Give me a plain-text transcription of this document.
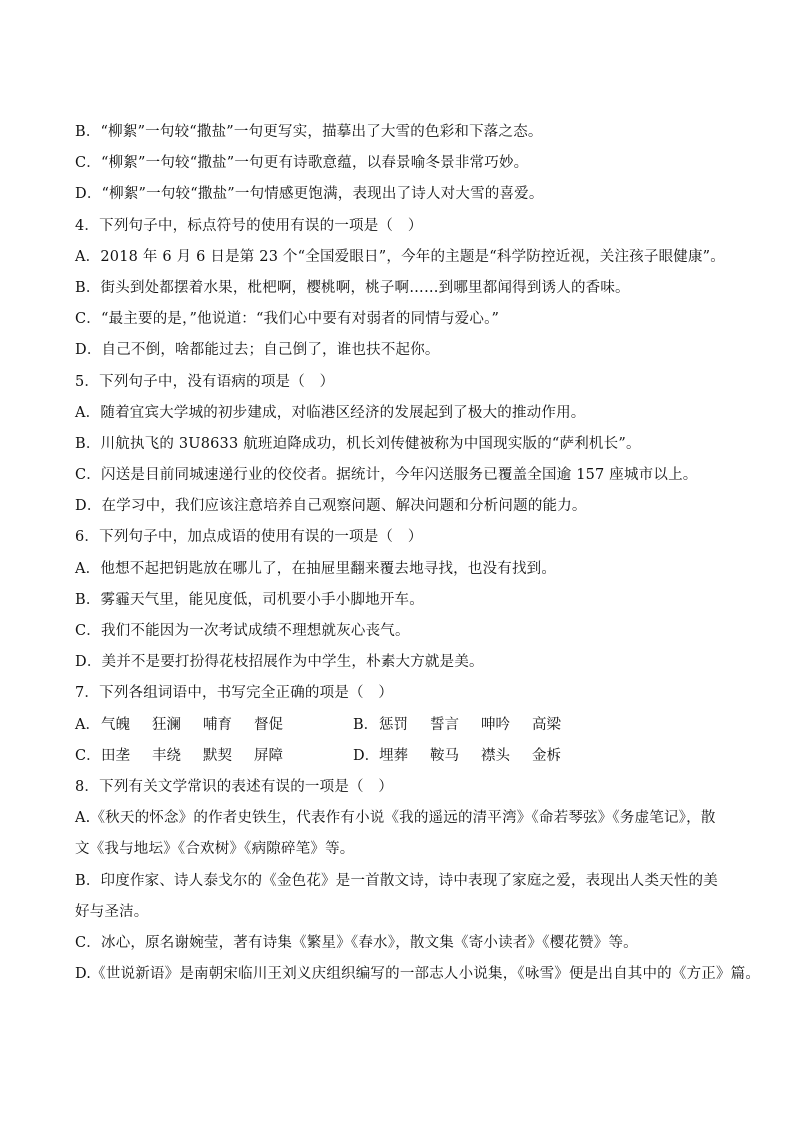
B．“柳絮”一句较“撒盐”一句更写实，描摹出了大雪的色彩和下落之态。
C．“柳絮”一句较“撒盐”一句更有诗歌意蕴，以春景喻冬景非常巧妙。
D．“柳絮”一句较“撒盐”一句情感更饱满，表现出了诗人对大雪的喜爱。
4．下列句子中，标点符号的使用有误的一项是（　）
A．2018 年 6 月 6 日是第 23 个“全国爱眼日”，今年的主题是“科学防控近视，关注孩子眼健康”。
B．街头到处都摆着水果，枇杷啊，樱桃啊，桃子啊……到哪里都闻得到诱人的香味。
C．“最主要的是，”他说道：“我们心中要有对弱者的同情与爱心。”
D．自己不倒，啥都能过去；自己倒了，谁也扶不起你。
5．下列句子中，没有语病的项是（　）
A．随着宜宾大学城的初步建成，对临港区经济的发展起到了极大的推动作用。
B．川航执飞的 3U8633 航班迫降成功，机长刘传健被称为中国现实版的“萨利机长”。
C．闪送是目前同城速递行业的佼佼者。据统计，今年闪送服务已覆盖全国逾 157 座城市以上。
D．在学习中，我们应该注意培养自己观察问题、解决问题和分析问题的能力。
6．下列句子中，加点成语的使用有误的一项是（　）
A．他想不起把钥匙放在哪儿了，在抽屉里翻来覆去地寻找，也没有找到。
B．雾霾天气里，能见度低，司机要小手小脚地开车。
C．我们不能因为一次考试成绩不理想就灰心丧气。
D．美并不是要打扮得花枝招展作为中学生，朴素大方就是美。
7．下列各组词语中，书写完全正确的项是（　）
A． 气魄 狂澜 哺育 督促	B． 惩罚 誓言 呻吟 高梁
C． 田垄 丰绕 默契 屏障	D． 埋葬 鞍马 襟头 金柝
8．下列有关文学常识的表述有误的一项是（　）
A.《秋天的怀念》的作者史铁生，代表作有小说《我的遥远的清平湾》《命若琴弦》《务虚笔记》，散文《我与地坛》《合欢树》《病隙碎笔》等。
B．印度作家、诗人泰戈尔的《金色花》是一首散文诗，诗中表现了家庭之爱，表现出人类天性的美好与圣洁。
C．冰心，原名谢婉莹，著有诗集《繁星》《春水》，散文集《寄小读者》《樱花赞》等。
D.《世说新语》是南朝宋临川王刘义庆组织编写的一部志人小说集，《咏雪》便是出自其中的《方正》篇。
